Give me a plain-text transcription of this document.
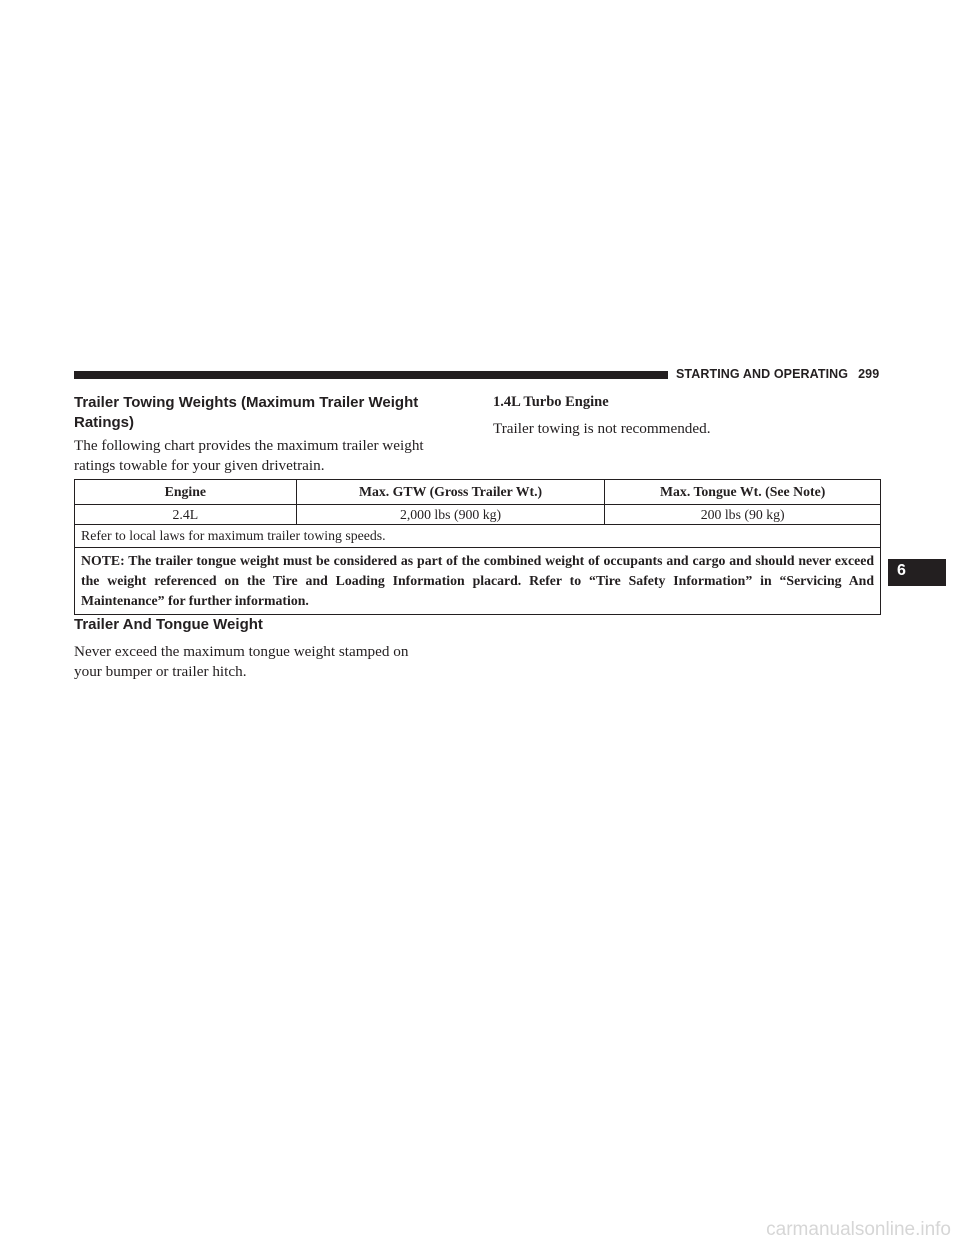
STARTING AND OPERATING 299
Trailer Towing Weights (Maximum Trailer Weight
Ratings)

The following chart provides the maximum trailer weight
ratings towable for your given drivetrain.

1.4L Turbo Engine

Trailer towing is not recommended.

Engine	Max. GTW (Gross Trailer Wt.)	Max. Tongue Wt. (See Note)
2.4L	2,000 lbs (900 kg)	200 lbs (90 kg)
Refer to local laws for maximum trailer towing speeds.		
NOTE: The trailer tongue weight must be considered as part of the combined weight of occupants and cargo and should never exceed the weight referenced on the Tire and Loading Information placard. Refer to “Tire Safety Information” in “Servicing And Maintenance” for further information.		
6
Trailer And Tongue Weight

Never exceed the maximum tongue weight stamped on
your bumper or trailer hitch.

carmanualsonline.info
